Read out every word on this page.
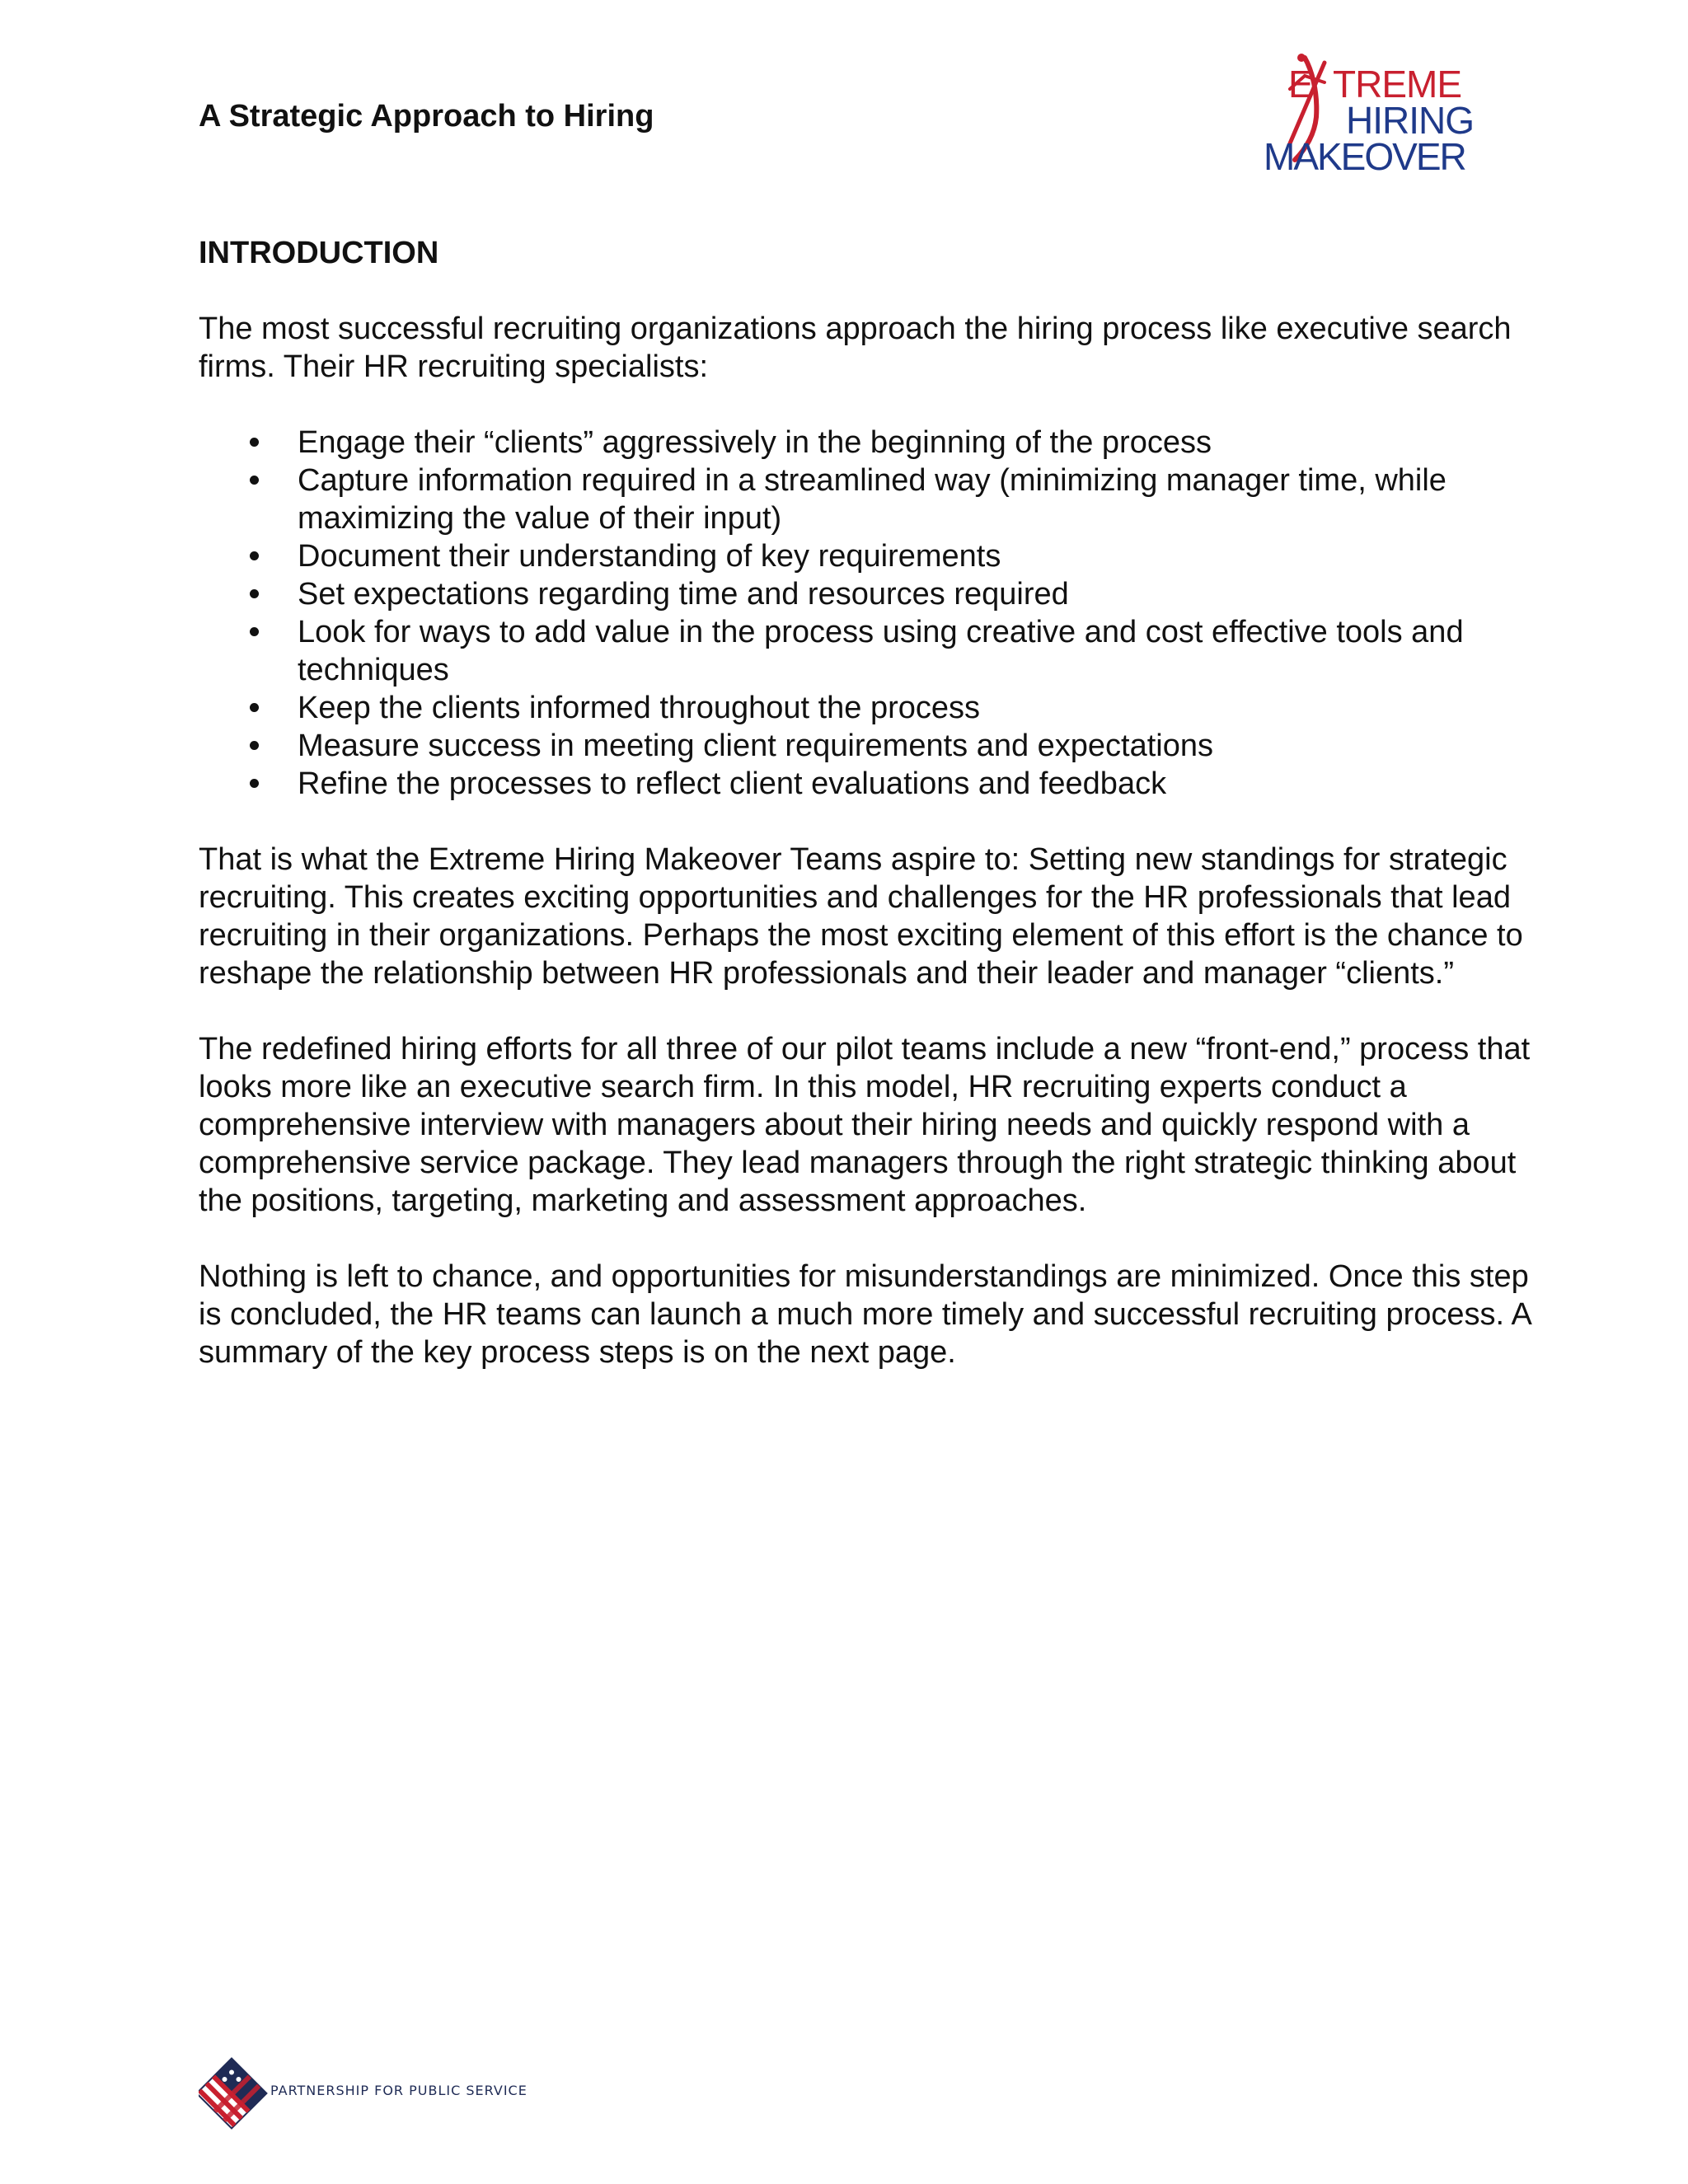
A Strategic Approach to Hiring
E TREME
HIRING
MAKEOVER
INTRODUCTION

The most successful recruiting organizations approach the hiring process like executive search firms. Their HR recruiting specialists:

Engage their “clients” aggressively in the beginning of the process
Capture information required in a streamlined way (minimizing manager time, while maximizing the value of their input)
Document their understanding of key requirements
Set expectations regarding time and resources required
Look for ways to add value in the process using creative and cost effective tools and techniques
Keep the clients informed throughout the process
Measure success in meeting client requirements and expectations
Refine the processes to reflect client evaluations and feedback

That is what the Extreme Hiring Makeover Teams aspire to: Setting new standings for strategic recruiting. This creates exciting opportunities and challenges for the HR professionals that lead recruiting in their organizations. Perhaps the most exciting element of this effort is the chance to reshape the relationship between HR professionals and their leader and manager “clients.”

The redefined hiring efforts for all three of our pilot teams include a new “front-end,” process that looks more like an executive search firm. In this model, HR recruiting experts conduct a comprehensive interview with managers about their hiring needs and quickly respond with a comprehensive service package. They lead managers through the right strategic thinking about the positions, targeting, marketing and assessment approaches.

Nothing is left to chance, and opportunities for misunderstandings are minimized. Once this step is concluded, the HR teams can launch a much more timely and successful recruiting process. A summary of the key process steps is on the next page.

PARTNERSHIP FOR PUBLIC SERVICE
